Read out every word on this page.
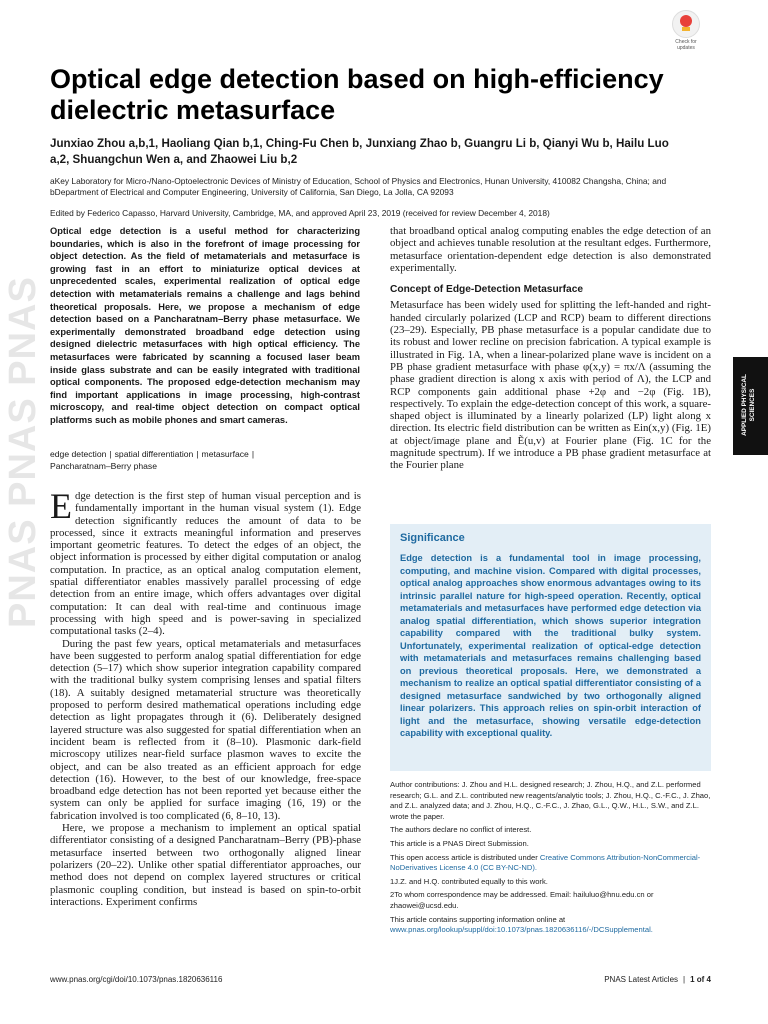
PNAS PNAS PNAS
Check for updates
Optical edge detection based on high-efficiency dielectric metasurface
Junxiao Zhou a,b,1, Haoliang Qian b,1, Ching-Fu Chen b, Junxiang Zhao b, Guangru Li b, Qianyi Wu b, Hailu Luo a,2, Shuangchun Wen a, and Zhaowei Liu b,2
aKey Laboratory for Micro-/Nano-Optoelectronic Devices of Ministry of Education, School of Physics and Electronics, Hunan University, 410082 Changsha, China; and bDepartment of Electrical and Computer Engineering, University of California, San Diego, La Jolla, CA 92093
Edited by Federico Capasso, Harvard University, Cambridge, MA, and approved April 23, 2019 (received for review December 4, 2018)

Optical edge detection is a useful method for characterizing boundaries, which is also in the forefront of image processing for object detection. As the field of metamaterials and metasurface is growing fast in an effort to miniaturize optical devices at unprecedented scales, experimental realization of optical edge detection with metamaterials remains a challenge and lags behind theoretical proposals. Here, we propose a mechanism of edge detection based on a Pancharatnam–Berry phase metasurface. We experimentally demonstrated broadband edge detection using designed dielectric metasurfaces with high optical efficiency. The metasurfaces were fabricated by scanning a focused laser beam inside glass substrate and can be easily integrated with traditional optical components. The proposed edge-detection mechanism may find important applications in image processing, high-contrast microscopy, and real-time object detection on compact optical platforms such as mobile phones and smart cameras.

edge detection | spatial differentiation | metasurface |
Pancharatnam–Berry phase

Edge detection is the first step of human visual perception and is fundamentally important in the human visual system (1). Edge detection significantly reduces the amount of data to be processed, since it extracts meaningful information and preserves important geometric features. To detect the edges of an object, the object information is processed by either digital computation or analog computation. In practice, as an optical analog computation element, spatial differentiator enables massively parallel processing of edge detection from an entire image, which offers advantages over digital computation: It can deal with real-time and continuous image processing with high speed and is power-saving in specialized computational tasks (2–4).

During the past few years, optical metamaterials and metasurfaces have been suggested to perform analog spatial differentiation for edge detection (5–17) which show superior integration capability compared with the traditional bulky system comprising lenses and spatial filters (18). A suitably designed metamaterial structure was theoretically proposed to perform desired mathematical operations including edge detection as light propagates through it (6). Deliberately designed layered structure was also suggested for spatial differentiation when an incident beam is reflected from it (8–10). Plasmonic dark-field microscopy utilizes near-field surface plasmon waves to excite the object, and can be also treated as an efficient approach for edge detection (16). However, to the best of our knowledge, free-space broadband edge detection has not been reported yet because either the system can only be applied for surface imaging (16, 19) or the fabrication involved is too complicated (6, 8–10, 13).

Here, we propose a mechanism to implement an optical spatial differentiator consisting of a designed Pancharatnam–Berry (PB)-phase metasurface inserted between two orthogonally aligned linear polarizers (20–22). Unlike other spatial differentiator approaches, our method does not depend on complex layered structures or critical plasmonic coupling condition, but instead is based on spin-to-orbit interactions. Experiment confirms

that broadband optical analog computing enables the edge detection of an object and achieves tunable resolution at the resultant edges. Furthermore, metasurface orientation-dependent edge detection is also demonstrated experimentally.

Concept of Edge-Detection Metasurface

Metasurface has been widely used for splitting the left-handed and right-handed circularly polarized (LCP and RCP) beam to different directions (23–29). Especially, PB phase metasurface is a popular candidate due to its robust and lower recline on precision fabrication. A typical example is illustrated in Fig. 1A, when a linear-polarized plane wave is incident on a PB phase gradient metasurface with phase φ(x,y) = πx/Λ (assuming the phase gradient direction is along x axis with period of Λ), the LCP and RCP components gain additional phase +2φ and −2φ (Fig. 1B), respectively. To explain the edge-detection concept of this work, a square-shaped object is illuminated by a linearly polarized (LP) light along x direction. Its electric field distribution can be written as Ein(x,y) (Fig. 1E) at object/image plane and Ẽ(u,v) at Fourier plane (Fig. 1C for the magnitude spectrum). If we introduce a PB phase gradient metasurface at the Fourier plane

Significance
Edge detection is a fundamental tool in image processing, computing, and machine vision. Compared with digital processes, optical analog approaches show enormous advantages owing to its intrinsic parallel nature for high-speed operation. Recently, optical metamaterials and metasurfaces have performed edge detection via analog spatial differentiation, which shows superior integration capability compared with the traditional bulky system. Unfortunately, experimental realization of optical-edge detection with metamaterials and metasurfaces remains challenging based on previous theoretical proposals. Here, we demonstrated a mechanism to realize an optical spatial differentiator consisting of a designed metasurface sandwiched by two orthogonally aligned linear polarizers. This approach relies on spin-orbit interaction of light and the metasurface, showing versatile edge-detection capability with exceptional quality.

Author contributions: J. Zhou and H.L. designed research; J. Zhou, H.Q., and Z.L. performed research; G.L. and Z.L. contributed new reagents/analytic tools; J. Zhou, H.Q., C.-F.C., J. Zhao, and Z.L. analyzed data; and J. Zhou, H.Q., C.-F.C., J. Zhao, G.L., Q.W., H.L., S.W., and Z.L. wrote the paper.

The authors declare no conflict of interest.

This article is a PNAS Direct Submission.

This open access article is distributed under Creative Commons Attribution-NonCommercial-NoDerivatives License 4.0 (CC BY-NC-ND).

1J.Z. and H.Q. contributed equally to this work.

2To whom correspondence may be addressed. Email: hailuluo@hnu.edu.cn or zhaowei@ucsd.edu.

This article contains supporting information online at www.pnas.org/lookup/suppl/doi:10.1073/pnas.1820636116/-/DCSupplemental.

APPLIED PHYSICAL SCIENCES
www.pnas.org/cgi/doi/10.1073/pnas.1820636116	PNAS Latest Articles | 1 of 4
